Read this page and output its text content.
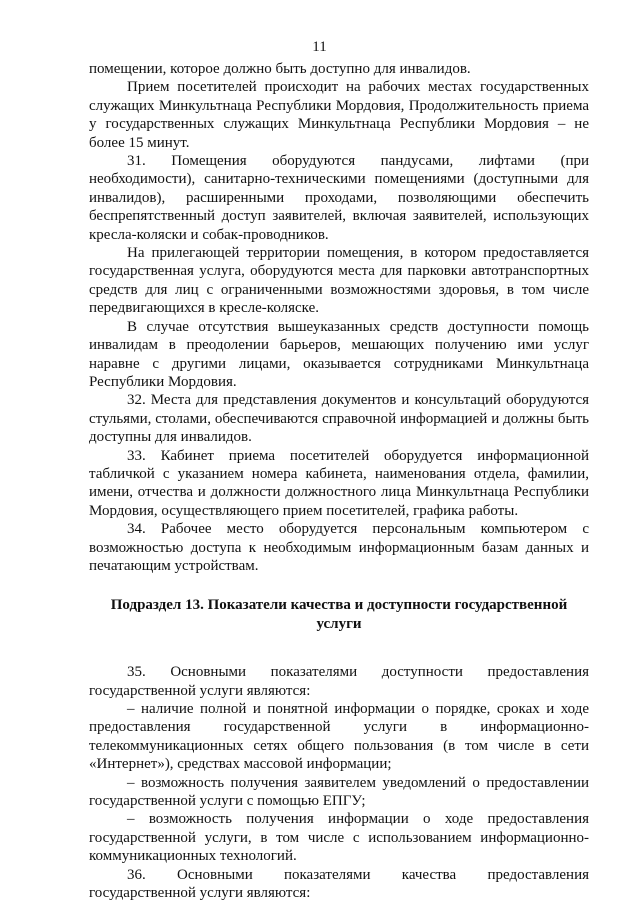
11

помещении, которое должно быть доступно для инвалидов.

Прием посетителей происходит на рабочих местах государственных служащих Минкультнаца Республики Мордовия, Продолжительность приема у государственных служащих Минкультнаца Республики Мордовия – не более 15 минут.

31. Помещения оборудуются пандусами, лифтами (при необходимости), санитарно-техническими помещениями (доступными для инвалидов), расширенными проходами, позволяющими обеспечить беспрепятственный доступ заявителей, включая заявителей, использующих кресла-коляски и собак-проводников.

На прилегающей территории помещения, в котором предоставляется государственная услуга, оборудуются места для парковки автотранспортных средств для лиц с ограниченными возможностями здоровья, в том числе передвигающихся в кресле-коляске.

В случае отсутствия вышеуказанных средств доступности помощь инвалидам в преодолении барьеров, мешающих получению ими услуг наравне с другими лицами, оказывается сотрудниками Минкультнаца Республики Мордовия.

32. Места для представления документов и консультаций оборудуются стульями, столами, обеспечиваются справочной информацией и должны быть доступны для инвалидов.

33. Кабинет приема посетителей оборудуется информационной табличкой с указанием номера кабинета, наименования отдела, фамилии, имени, отчества и должности должностного лица Минкультнаца Республики Мордовия, осуществляющего прием посетителей, графика работы.

34. Рабочее место оборудуется персональным компьютером с возможностью доступа к необходимым информационным базам данных и печатающим устройствам.

Подраздел 13. Показатели качества и доступности государственной услуги

35. Основными показателями доступности предоставления государственной услуги являются:

– наличие полной и понятной информации о порядке, сроках и ходе предоставления государственной услуги в информационно-телекоммуникационных сетях общего пользования (в том числе в сети «Интернет»), средствах массовой информации;

– возможность получения заявителем уведомлений о предоставлении государственной услуги с помощью ЕПГУ;

– возможность получения информации о ходе предоставления государственной услуги, в том числе с использованием информационно-коммуникационных технологий.

36. Основными показателями качества предоставления государственной услуги являются:
